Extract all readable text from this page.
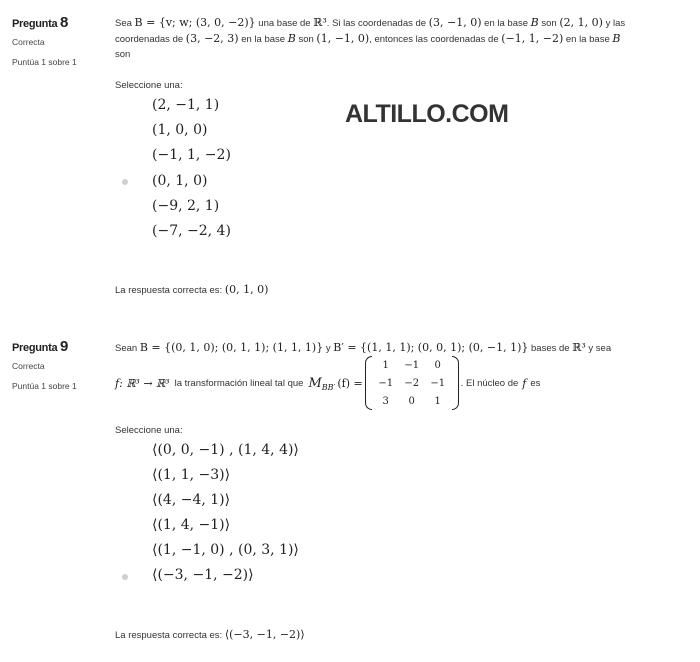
Pregunta 8
Correcta
Puntúa 1 sobre 1
Sea B = {v; w; (3, 0, −2)} una base de ℝ³. Si las coordenadas de (3, −1, 0) en la base B son (2, 1, 0) y las
coordenadas de (3, −2, 3) en la base B son (1, −1, 0), entonces las coordenadas de (−1, 1, −2) en la base B
son
ALTILLO.COM
Seleccione una:
(2, −1, 1)
(1, 0, 0)
(−1, 1, −2)
(0, 1, 0)
(−9, 2, 1)
(−7, −2, 4)
La respuesta correcta es: (0, 1, 0)
Pregunta 9
Correcta
Puntúa 1 sobre 1
Sean B = {(0, 1, 0); (0, 1, 1); (1, 1, 1)} y B′ = {(1, 1, 1); (0, 0, 1); (0, −1, 1)} bases de ℝ³ y sea
f: ℝ³ → ℝ³ la transformación lineal tal que M BB′ (f) =
1	−1	0
−1	−2	−1
3	0	1
. El núcleo de f es
Seleccione una:
⟨(0, 0, −1) , (1, 4, 4)⟩
⟨(1, 1, −3)⟩
⟨(4, −4, 1)⟩
⟨(1, 4, −1)⟩
⟨(1, −1, 0) , (0, 3, 1)⟩
⟨(−3, −1, −2)⟩
La respuesta correcta es: ⟨(−3, −1, −2)⟩
